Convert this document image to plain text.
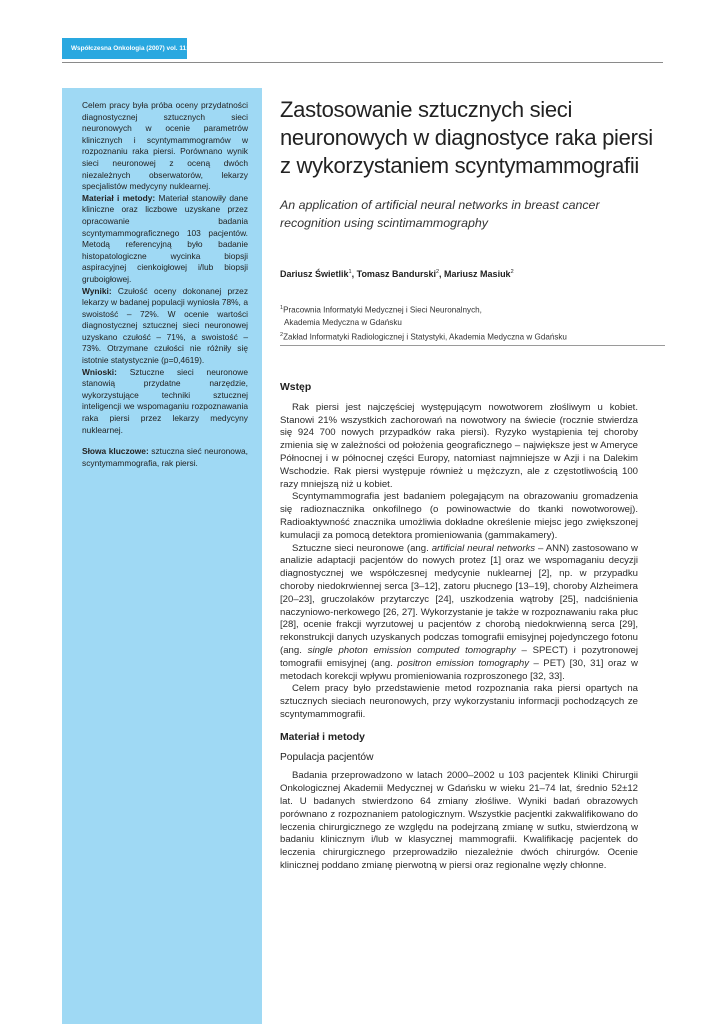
Współczesna Onkologia (2007) vol. 11; 8 (385–389)

Celem pracy była próba oceny przydatności diagnostycznej sztucznych sieci neuronowych w ocenie parametrów klinicznych i scyntymammogramów w rozpoznaniu raka piersi. Porównano wynik sieci neuronowej z oceną dwóch niezależnych obserwatorów, lekarzy specjalistów medycyny nuklearnej.

Materiał i metody: Materiał stanowiły dane kliniczne oraz liczbowe uzyskane przez opracowanie badania scyntymammograficznego 103 pacjentów. Metodą referencyjną było badanie histopatologiczne wycinka biopsji aspiracyjnej cienkoigłowej i/lub biopsji gruboigłowej.

Wyniki: Czułość oceny dokonanej przez lekarzy w badanej populacji wyniosła 78%, a swoistość – 72%. W ocenie wartości diagnostycznej sztucznej sieci neuronowej uzyskano czułość – 71%, a swoistość – 73%. Otrzymane czułości nie różniły się istotnie statystycznie (p=0,4619).

Wnioski: Sztuczne sieci neuronowe stanowią przydatne narzędzie, wykorzystujące techniki sztucznej inteligencji we wspomaganiu rozpoznawania raka piersi przez lekarzy medycyny nuklearnej.

Słowa kluczowe: sztuczna sieć neuronowa, scyntymammografia, rak piersi.

Zastosowanie sztucznych sieci neuronowych w diagnostyce raka piersi z wykorzystaniem scyntymammografii

An application of artificial neural networks in breast cancer recognition using scintimammography

Dariusz Świetlik$^1$, Tomasz Bandurski$^2$, Mariusz Masiuk$^2$

$^1$Pracownia Informatyki Medycznej i Sieci Neuronalnych,
Akademia Medyczna w Gdańsku
$^2$Zakład Informatyki Radiologicznej i Statystyki, Akademia Medyczna w Gdańsku
Wstęp

Rak piersi jest najczęściej występującym nowotworem złośliwym u kobiet. Stanowi 21% wszystkich zachorowań na nowotwory na świecie (rocznie stwierdza się 924 700 nowych przypadków raka piersi). Ryzyko wystąpienia tej choroby zmienia się w zależności od położenia geograficznego – największe jest w Ameryce Północnej i w północnej części Europy, natomiast najmniejsze w Azji i na Dalekim Wschodzie. Rak piersi występuje również u mężczyzn, ale z częstotliwością 100 razy mniejszą niż u kobiet.

Scyntymammografia jest badaniem polegającym na obrazowaniu gromadzenia się radioznacznika onkofilnego (o powinowactwie do tkanki nowotworowej). Radioaktywność znacznika umożliwia dokładne określenie miejsc jego zwiększonej kumulacji za pomocą detektora promieniowania (gammakamery).

Sztuczne sieci neuronowe (ang. artificial neural networks – ANN) zastosowano w analizie adaptacji pacjentów do nowych protez [1] oraz we wspomaganiu decyzji diagnostycznej we współczesnej medycynie nuklearnej [2], np. w przypadku choroby niedokrwiennej serca [3–12], zatoru płucnego [13–19], choroby Alzheimera [20–23], gruczolaków przytarczyc [24], uszkodzenia wątroby [25], nadciśnienia naczyniowo-nerkowego [26, 27]. Wykorzystanie je także w rozpoznawaniu raka płuc [28], ocenie frakcji wyrzutowej u pacjentów z chorobą niedokrwienną serca [29], rekonstrukcji danych uzyskanych podczas tomografii emisyjnej pojedynczego fotonu (ang. single photon emission computed tomography – SPECT) i pozytronowej tomografii emisyjnej (ang. positron emission tomography – PET) [30, 31] oraz w metodach korekcji wpływu promieniowania rozproszonego [32, 33].

Celem pracy było przedstawienie metod rozpoznania raka piersi opartych na sztucznych sieciach neuronowych, przy wykorzystaniu informacji pochodzących ze scyntymammografii.

Materiał i metody
Populacja pacjentów

Badania przeprowadzono w latach 2000–2002 u 103 pacjentek Kliniki Chirurgii Onkologicznej Akademii Medycznej w Gdańsku w wieku 21–74 lat, średnio 52±12 lat. U badanych stwierdzono 64 zmiany złośliwe. Wyniki badań obrazowych porównano z rozpoznaniem patologicznym. Wszystkie pacjentki zakwalifikowano do leczenia chirurgicznego ze względu na podejrzaną zmianę w sutku, stwierdzoną w badaniu klinicznym i/lub w klasycznej mammografii. Kwalifikację pacjentek do leczenia chirurgicznego przeprowadziło niezależnie dwóch chirurgów. Ocenie klinicznej poddano zmianę pierwotną w piersi oraz regionalne węzły chłonne.
